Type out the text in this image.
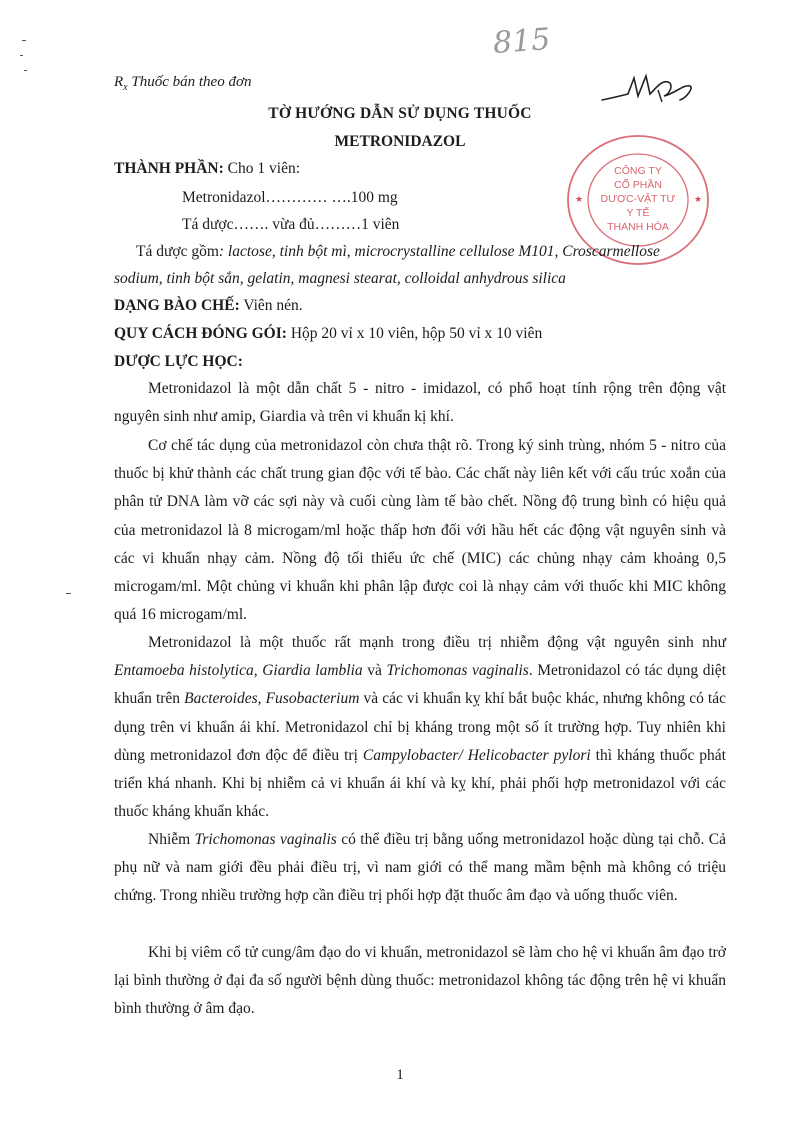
815
★	★
CÔNG TY
CỔ PHẦN
DƯỢC-VẬT TƯ
Y TẾ
THANH HÓA
$R_x$ Thuốc bán theo đơn
TỜ HƯỚNG DẪN SỬ DỤNG THUỐC
METRONIDAZOL
THÀNH PHẦN: Cho 1 viên:
Metronidazol………… ….100 mg
Tá dược……. vừa đủ………1 viên
Tá dược gồm: lactose, tinh bột mì, microcrystalline cellulose M101, Croscarmellose
sodium, tinh bột sắn, gelatin, magnesi stearat, colloidal anhydrous silica
DẠNG BÀO CHẾ: Viên nén.
QUY CÁCH ĐÓNG GÓI: Hộp 20 vỉ x 10 viên, hộp 50 vỉ x 10 viên
DƯỢC LỰC HỌC:
Metronidazol là một dẫn chất 5 - nitro - imidazol, có phổ hoạt tính rộng trên động vật nguyên sinh như amip, Giardia và trên vi khuẩn kị khí.
Cơ chế tác dụng của metronidazol còn chưa thật rõ. Trong ký sinh trùng, nhóm 5 - nitro của thuốc bị khử thành các chất trung gian độc với tế bào. Các chất này liên kết với cấu trúc xoắn của phân tử DNA làm vỡ các sợi này và cuối cùng làm tế bào chết. Nồng độ trung bình có hiệu quả của metronidazol là 8 microgam/ml hoặc thấp hơn đối với hầu hết các động vật nguyên sinh và các vi khuẩn nhạy cảm. Nồng độ tối thiểu ức chế (MIC) các chủng nhạy cảm khoảng 0,5 microgam/ml. Một chủng vi khuẩn khi phân lập được coi là nhạy cảm với thuốc khi MIC không quá 16 microgam/ml.
Metronidazol là một thuốc rất mạnh trong điều trị nhiễm động vật nguyên sinh như Entamoeba histolytica, Giardia lamblia và Trichomonas vaginalis. Metronidazol có tác dụng diệt khuẩn trên Bacteroides, Fusobacterium và các vi khuẩn kỵ khí bắt buộc khác, nhưng không có tác dụng trên vi khuẩn ái khí. Metronidazol chỉ bị kháng trong một số ít trường hợp. Tuy nhiên khi dùng metronidazol đơn độc để điều trị Campylobacter/ Helicobacter pylori thì kháng thuốc phát triển khá nhanh. Khi bị nhiễm cả vi khuẩn ái khí và kỵ khí, phải phối hợp metronidazol với các thuốc kháng khuẩn khác.
Nhiễm Trichomonas vaginalis có thể điều trị bằng uống metronidazol hoặc dùng tại chỗ. Cả phụ nữ và nam giới đều phải điều trị, vì nam giới có thể mang mầm bệnh mà không có triệu chứng. Trong nhiều trường hợp cần điều trị phối hợp đặt thuốc âm đạo và uống thuốc viên.
Khi bị viêm cổ tử cung/âm đạo do vi khuẩn, metronidazol sẽ làm cho hệ vi khuẩn âm đạo trở lại bình thường ở đại đa số người bệnh dùng thuốc: metronidazol không tác động trên hệ vi khuẩn bình thường ở âm đạo.
1
